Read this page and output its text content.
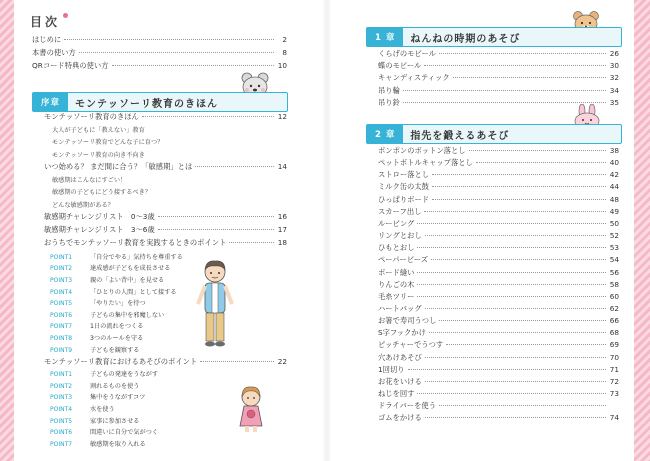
目次
はじめに	2
本書の使い方	8
QRコード特典の使い方	10
序章	モンテッソーリ教育のきほん
モンテッソーリ教育のきほん	12
大人が子どもに「教えない」教育
モンテッソーリ教育でどんな子に育つ？
モンテッソーリ教育の向き不向き
いつ始める？ まだ間に合う？「敏感期」とは	14
敏感期はこんなにすごい！
敏感期の子どもにどう接するべき？
どんな敏感期がある？
敏感期チャレンジリスト　0〜3歳	16
敏感期チャレンジリスト　3〜6歳	17
おうちでモンテッソーリ教育を実践するときのポイント	18
POINT1	「自分でやる」気持ちを尊重する
POINT2	達成感が子どもを成長させる
POINT3	親の「よい背中」を見せる
POINT4	「ひとりの人間」として接する
POINT5	「やりたい」を待つ
POINT6	子どもの集中を邪魔しない
POINT7	1日の流れをつくる
POINT8	3つのルールを守る
POINT9	子どもを観察する
モンテッソーリ教育におけるあそびのポイント	22
POINT1	子どもの発達をうながす
POINT2	割れるものを使う
POINT3	集中をうながすコツ
POINT4	水を使う
POINT5	家事に参加させる
POINT6	間違いに自分で気がつく
POINT7	敏感期を取り入れる
1 章	ねんねの時期のあそび
くらげのモビール	26
蝶のモビール	30
キャンディスティック	32
吊り輪	34
吊り鈴	35
2 章	指先を鍛えるあそび
ポンポンのボットン落とし	38
ペットボトルキャップ落とし	40
ストロー落とし	42
ミルク缶の太鼓	44
ひっぱりボード	48
スカーフ出し	49
ルービング	50
リングとおし	52
ひもとおし	53
ペーパービーズ	54
ボード縫い	56
りんごの木	58
毛糸ツリー	60
ハートバッグ	62
お箸で寿司うつし	66
S字フックかけ	68
ピッチャーでうつす	69
穴あけあそび	70
1回切り	71
お花をいける	72
ねじを回す	73
ドライバーを使う
ゴムをかける	74
